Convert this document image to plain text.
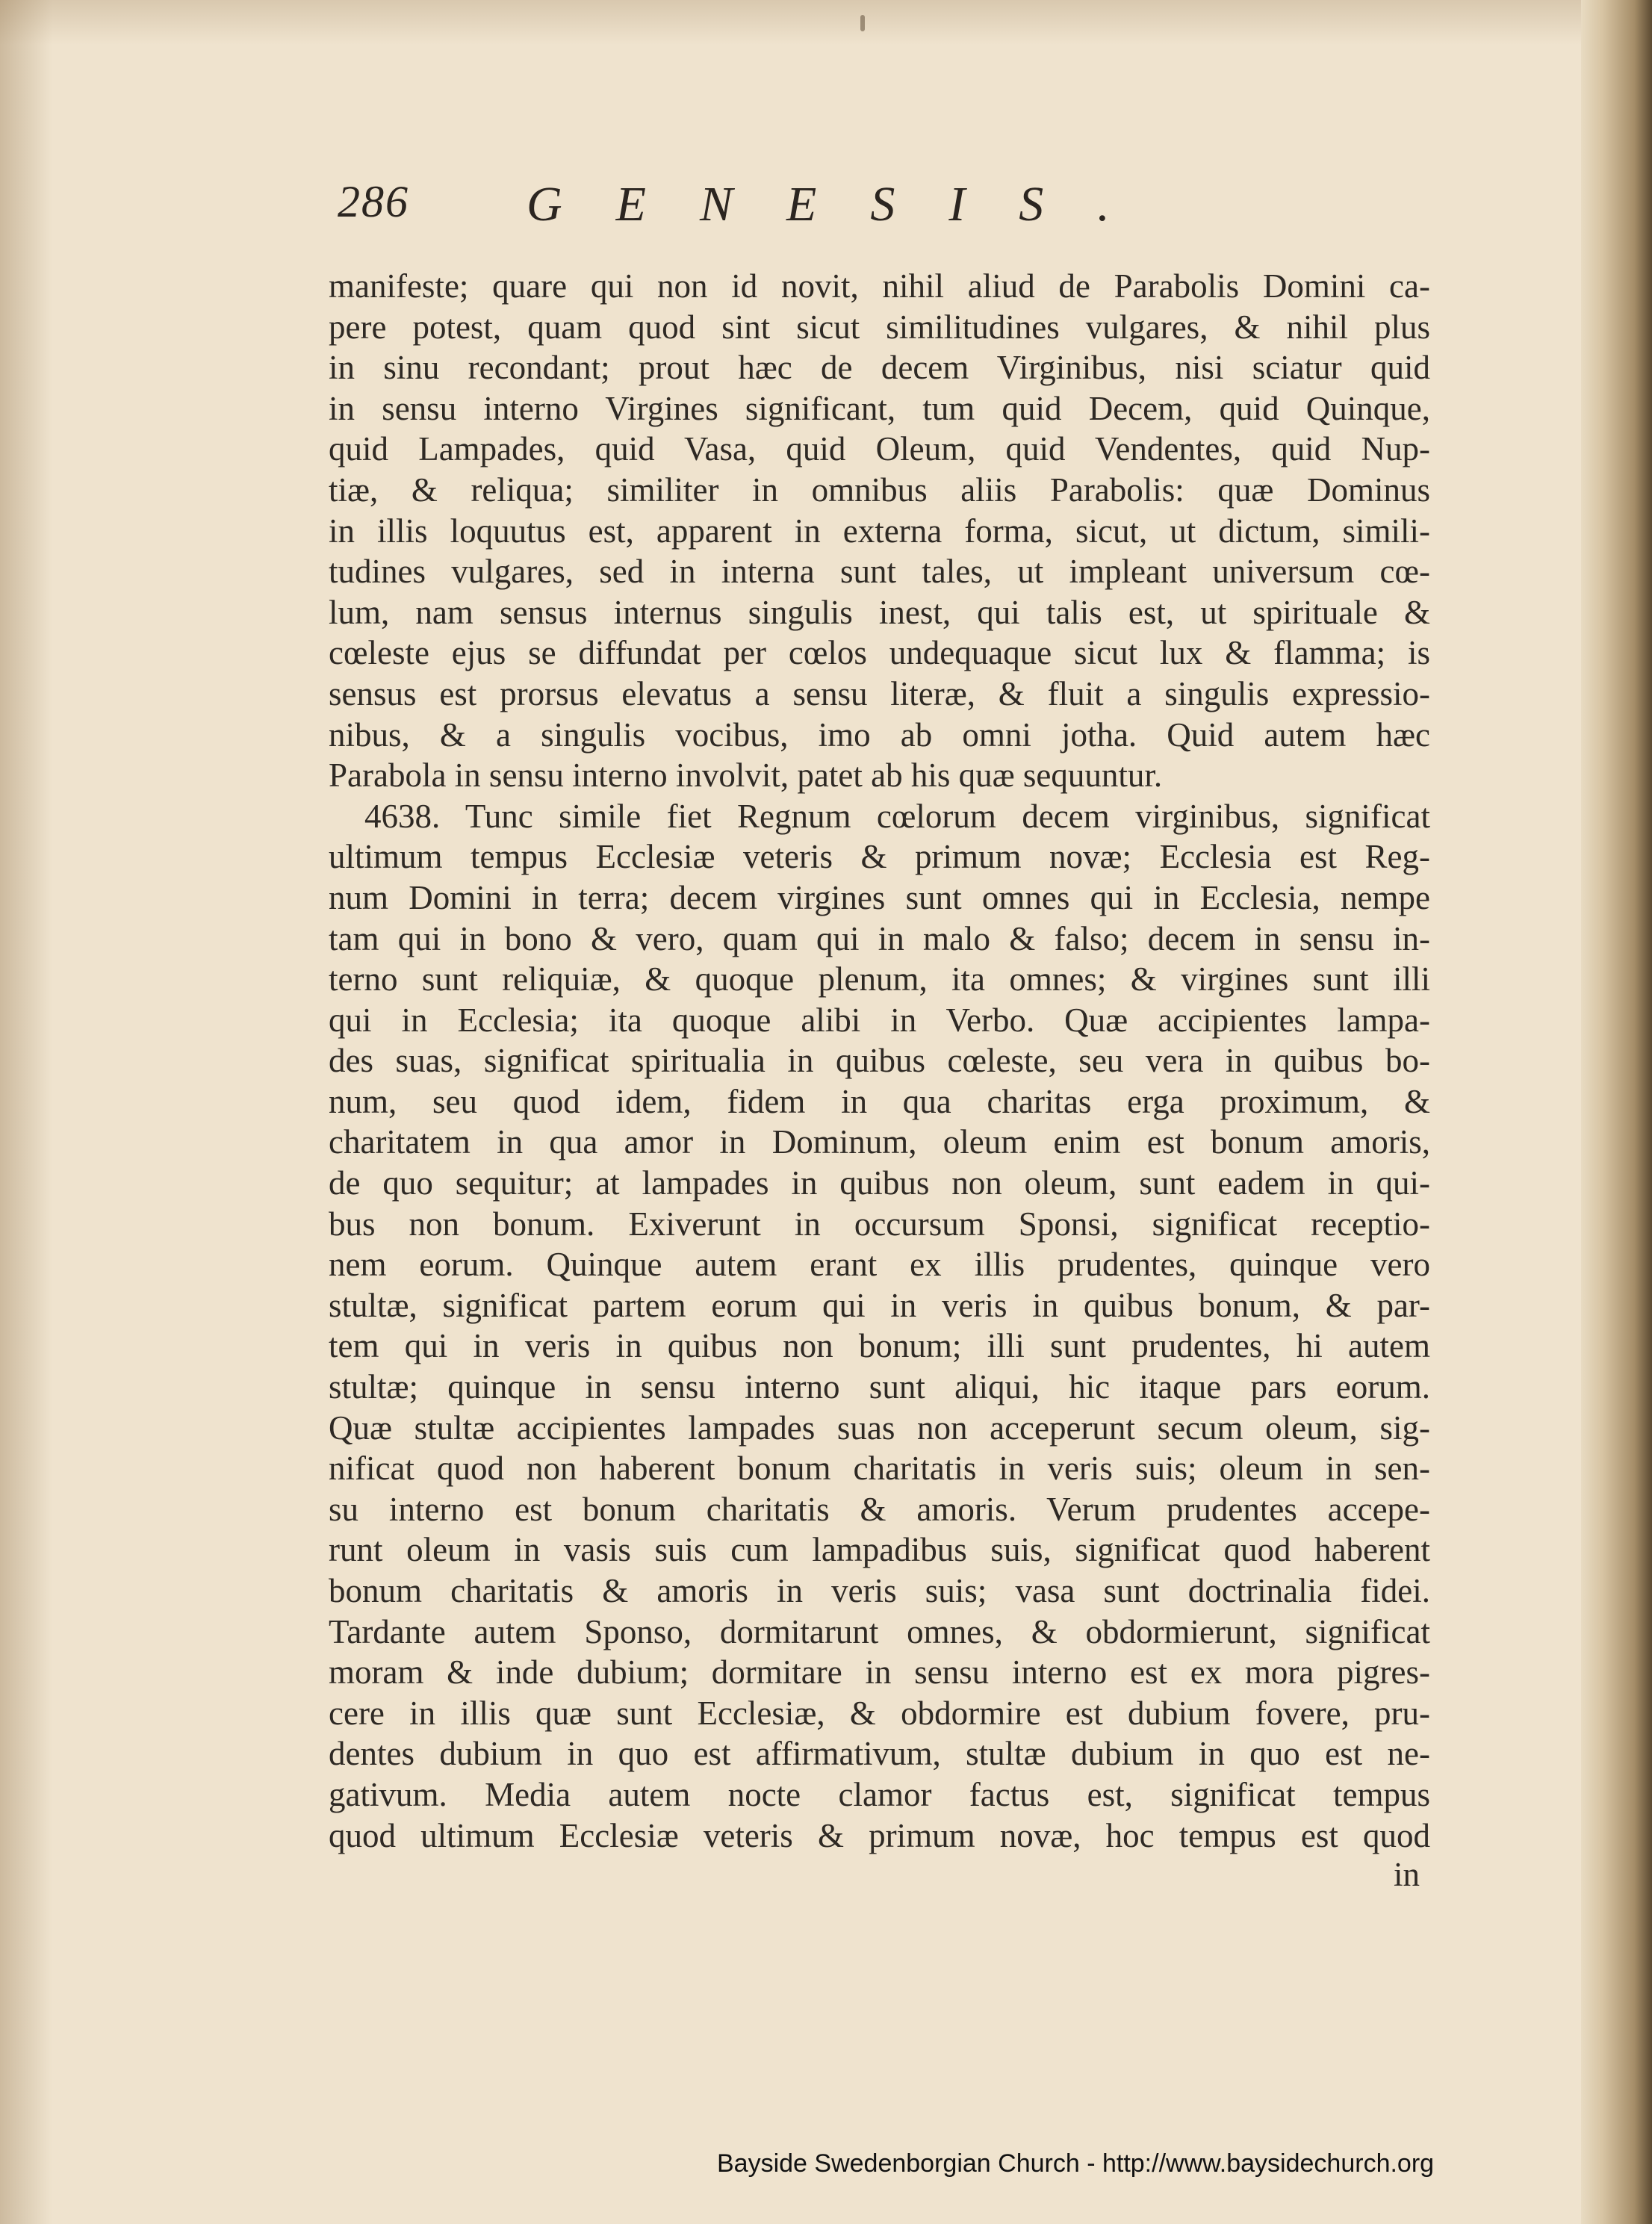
286 GENESIS.
manifeste; quare qui non id novit, nihil aliud de Parabolis Domini ca-
pere potest, quam quod sint sicut similitudines vulgares, & nihil plus
in sinu recondant; prout hæc de decem Virginibus, nisi sciatur quid
in sensu interno Virgines significant, tum quid Decem, quid Quinque,
quid Lampades, quid Vasa, quid Oleum, quid Vendentes, quid Nup-
tiæ, & reliqua; similiter in omnibus aliis Parabolis: quæ Dominus
in illis loquutus est, apparent in externa forma, sicut, ut dictum, simili-
tudines vulgares, sed in interna sunt tales, ut impleant universum cœ-
lum, nam sensus internus singulis inest, qui talis est, ut spirituale &
cœleste ejus se diffundat per cœlos undequaque sicut lux & flamma; is
sensus est prorsus elevatus a sensu literæ, & fluit a singulis expressio-
nibus, & a singulis vocibus, imo ab omni jotha. Quid autem hæc
Parabola in sensu interno involvit, patet ab his quæ sequuntur.
4638. Tunc simile fiet Regnum cœlorum decem virginibus, significat
ultimum tempus Ecclesiæ veteris & primum novæ; Ecclesia est Reg-
num Domini in terra; decem virgines sunt omnes qui in Ecclesia, nempe
tam qui in bono & vero, quam qui in malo & falso; decem in sensu in-
terno sunt reliquiæ, & quoque plenum, ita omnes; & virgines sunt illi
qui in Ecclesia; ita quoque alibi in Verbo. Quæ accipientes lampa-
des suas, significat spiritualia in quibus cœleste, seu vera in quibus bo-
num, seu quod idem, fidem in qua charitas erga proximum, &
charitatem in qua amor in Dominum, oleum enim est bonum amoris,
de quo sequitur; at lampades in quibus non oleum, sunt eadem in qui-
bus non bonum. Exiverunt in occursum Sponsi, significat receptio-
nem eorum. Quinque autem erant ex illis prudentes, quinque vero
stultæ, significat partem eorum qui in veris in quibus bonum, & par-
tem qui in veris in quibus non bonum; illi sunt prudentes, hi autem
stultæ; quinque in sensu interno sunt aliqui, hic itaque pars eorum.
Quæ stultæ accipientes lampades suas non acceperunt secum oleum, sig-
nificat quod non haberent bonum charitatis in veris suis; oleum in sen-
su interno est bonum charitatis & amoris. Verum prudentes accepe-
runt oleum in vasis suis cum lampadibus suis, significat quod haberent
bonum charitatis & amoris in veris suis; vasa sunt doctrinalia fidei.
Tardante autem Sponso, dormitarunt omnes, & obdormierunt, significat
moram & inde dubium; dormitare in sensu interno est ex mora pigres-
cere in illis quæ sunt Ecclesiæ, & obdormire est dubium fovere, pru-
dentes dubium in quo est affirmativum, stultæ dubium in quo est ne-
gativum. Media autem nocte clamor factus est, significat tempus
quod ultimum Ecclesiæ veteris & primum novæ, hoc tempus est quod
in
Bayside Swedenborgian Church - http://www.baysidechurch.org
